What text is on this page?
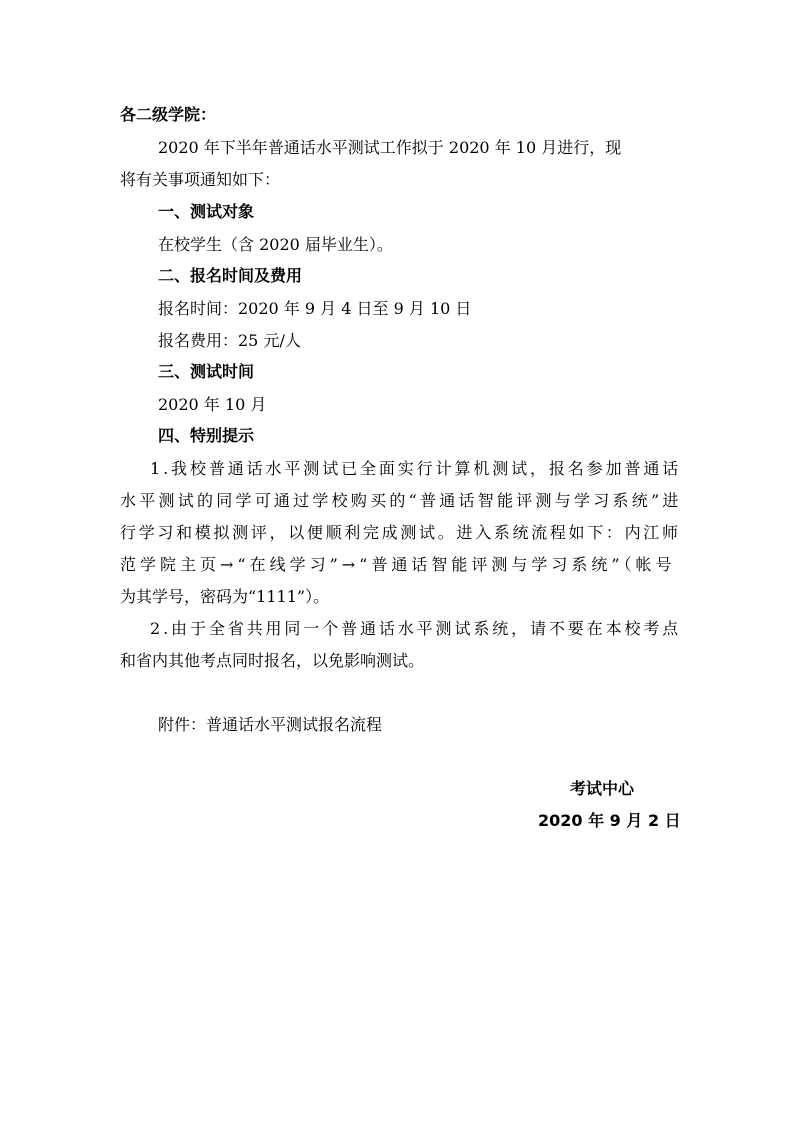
各二级学院：
2020 年下半年普通话水平测试工作拟于 2020 年 10 月进行，现
将有关事项通知如下：
一、测试对象
在校学生（含 2020 届毕业生）。
二、报名时间及费用
报名时间：2020 年 9 月 4 日至 9 月 10 日
报名费用：25 元/人
三、测试时间
2020 年 10 月
四、特别提示
1.我校普通话水平测试已全面实行计算机测试，报名参加普通话
水平测试的同学可通过学校购买的“普通话智能评测与学习系统”进
行学习和模拟测评，以便顺利完成测试。进入系统流程如下：内江师
范学院主页→“在线学习”→“普通话智能评测与学习系统”（帐号
为其学号，密码为“1111”）。
2.由于全省共用同一个普通话水平测试系统，请不要在本校考点
和省内其他考点同时报名，以免影响测试。
附件：普通话水平测试报名流程
考试中心
2020 年 9 月 2 日
